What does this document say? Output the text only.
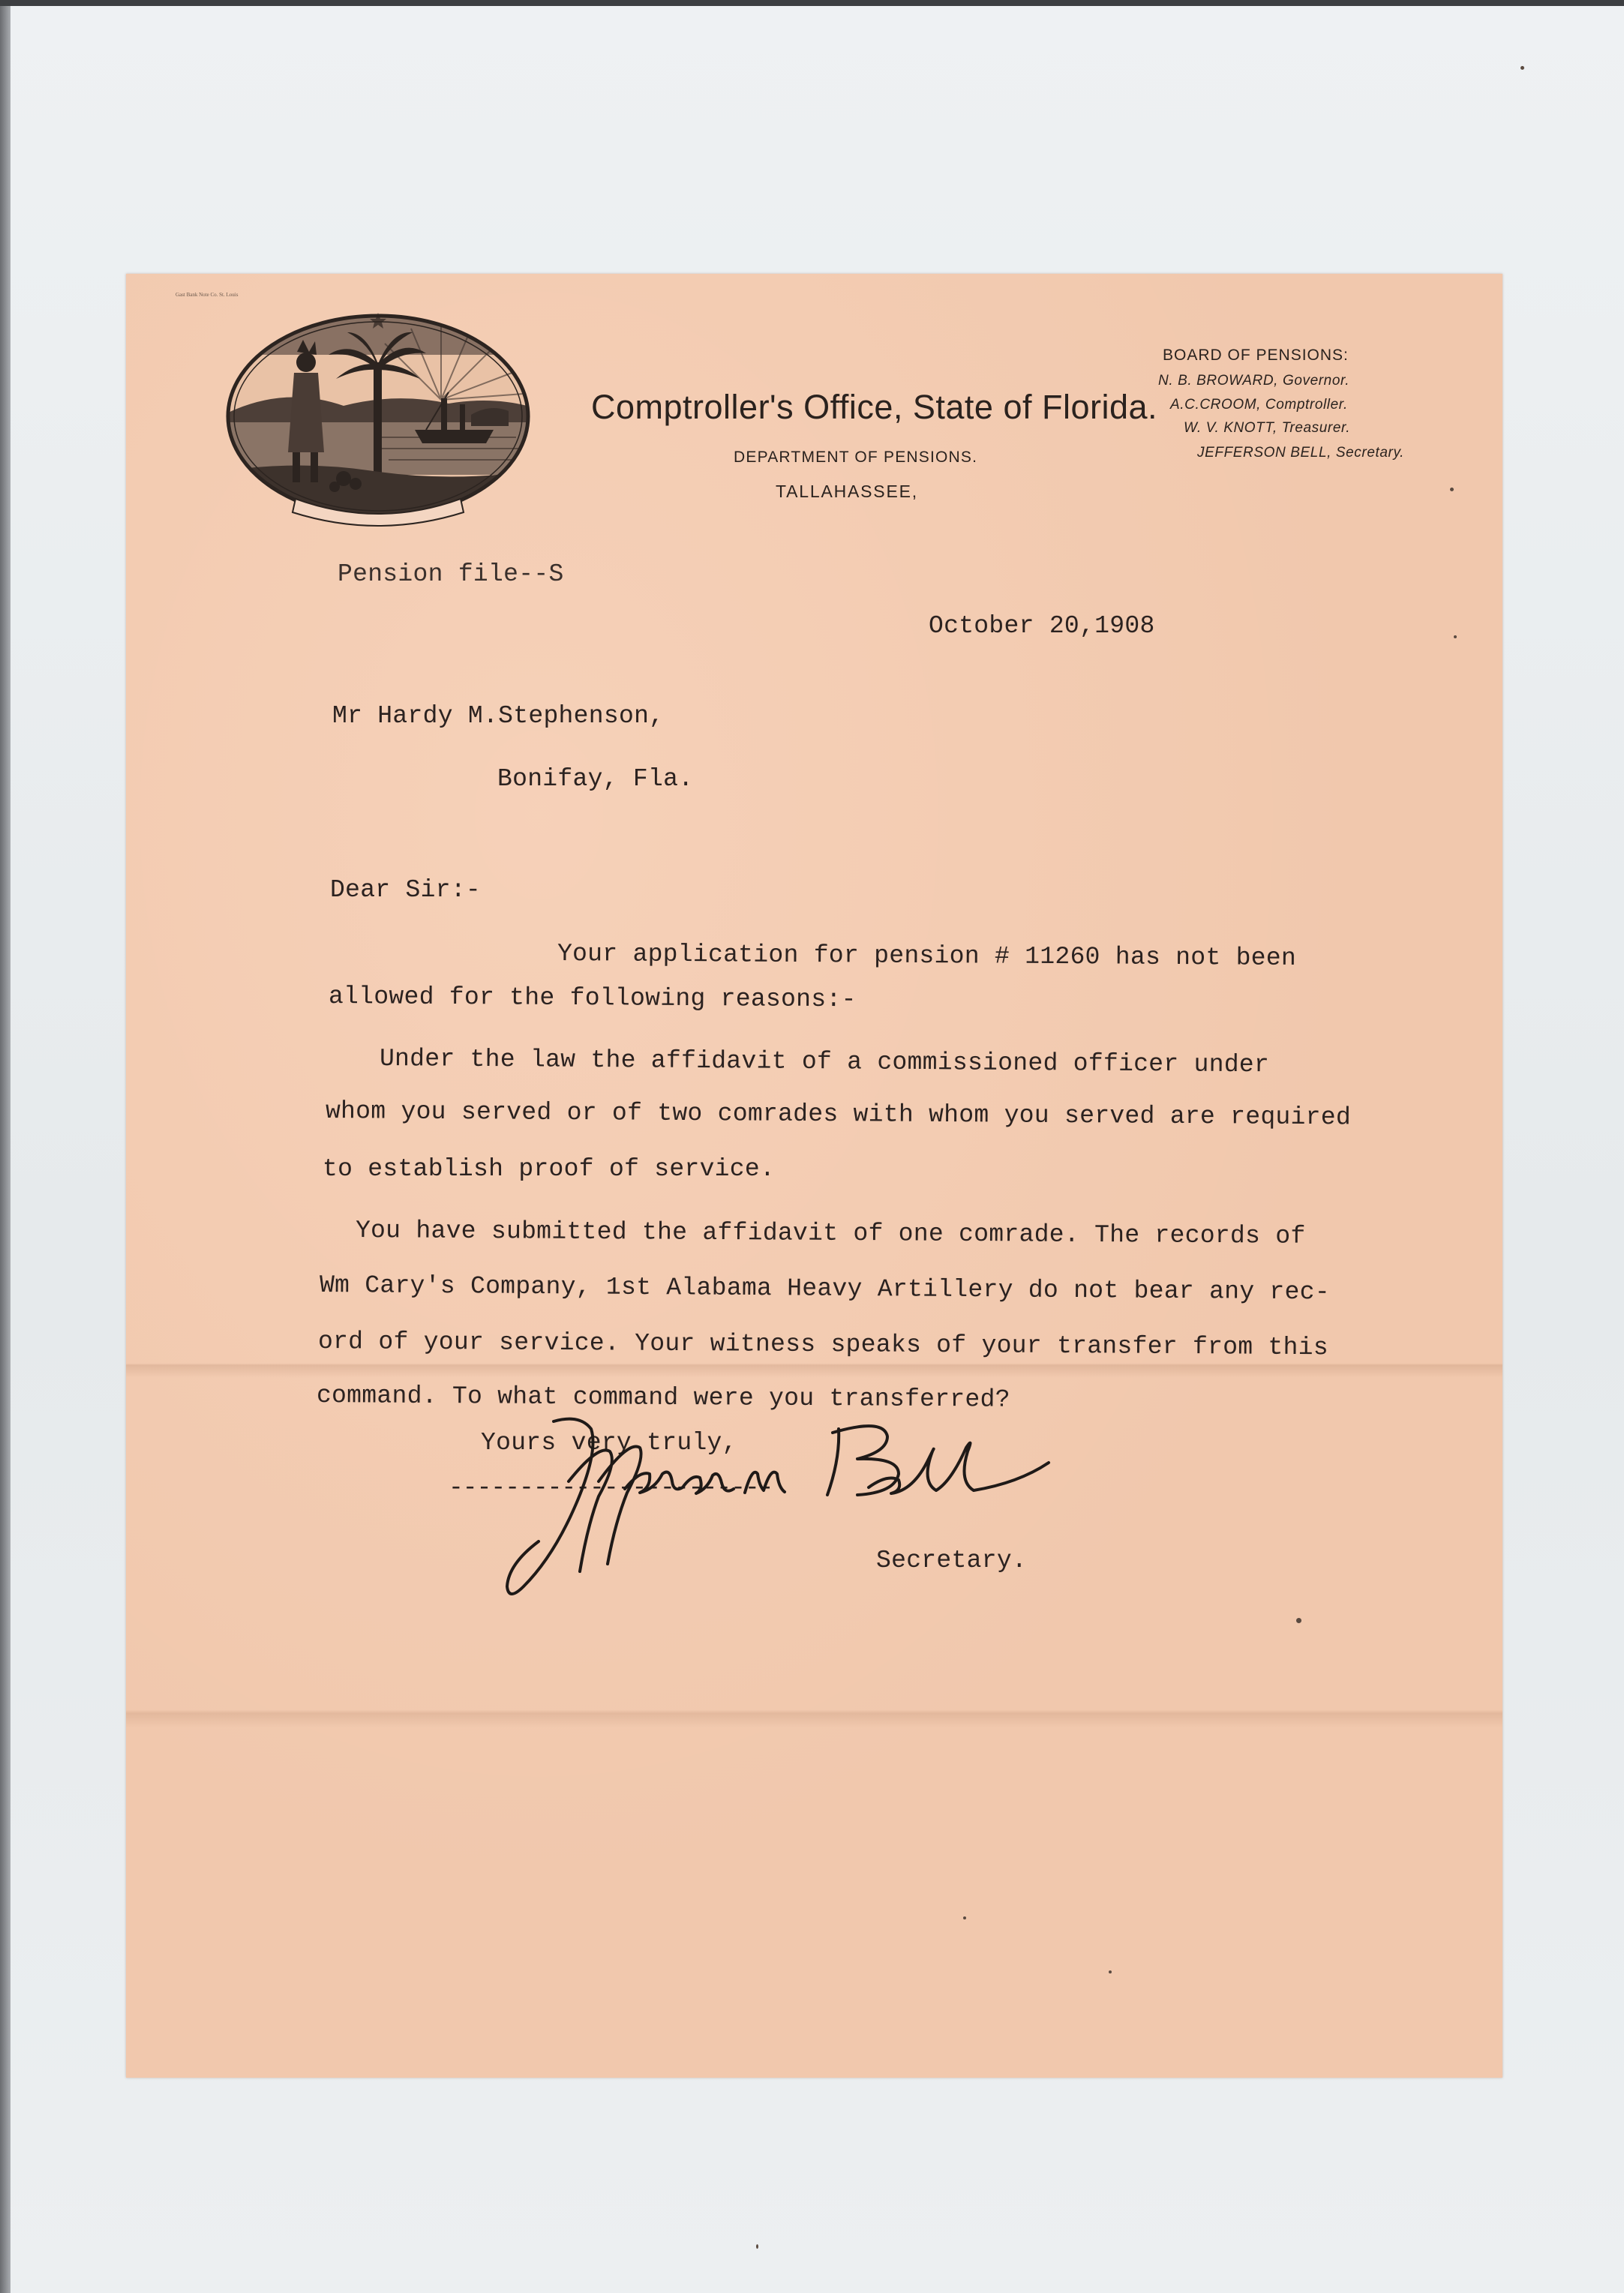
Gast Bank Note Co. St. Louis
Comptroller's Office, State of Florida.
DEPARTMENT OF PENSIONS.
TALLAHASSEE,
BOARD OF PENSIONS:
N. B. BROWARD, Governor.
A.C.CROOM, Comptroller.
W. V. KNOTT, Treasurer.
JEFFERSON BELL, Secretary.
Pension file--S
October 20,1908
Mr Hardy M.Stephenson,
Bonifay, Fla.
Dear Sir:-
Your application for pension # 11260 has not been
allowed for the following reasons:-
Under the law the affidavit of a commissioned officer under
whom you served or of two comrades with whom you served are required
to establish proof of service.
You have submitted the affidavit of one comrade. The records of
Wm Cary's Company, 1st Alabama Heavy Artillery do not bear any rec-
ord of your service. Your witness speaks of your transfer from this
command. To what command were you transferred?
Yours very truly,
-----------------------
Secretary.
